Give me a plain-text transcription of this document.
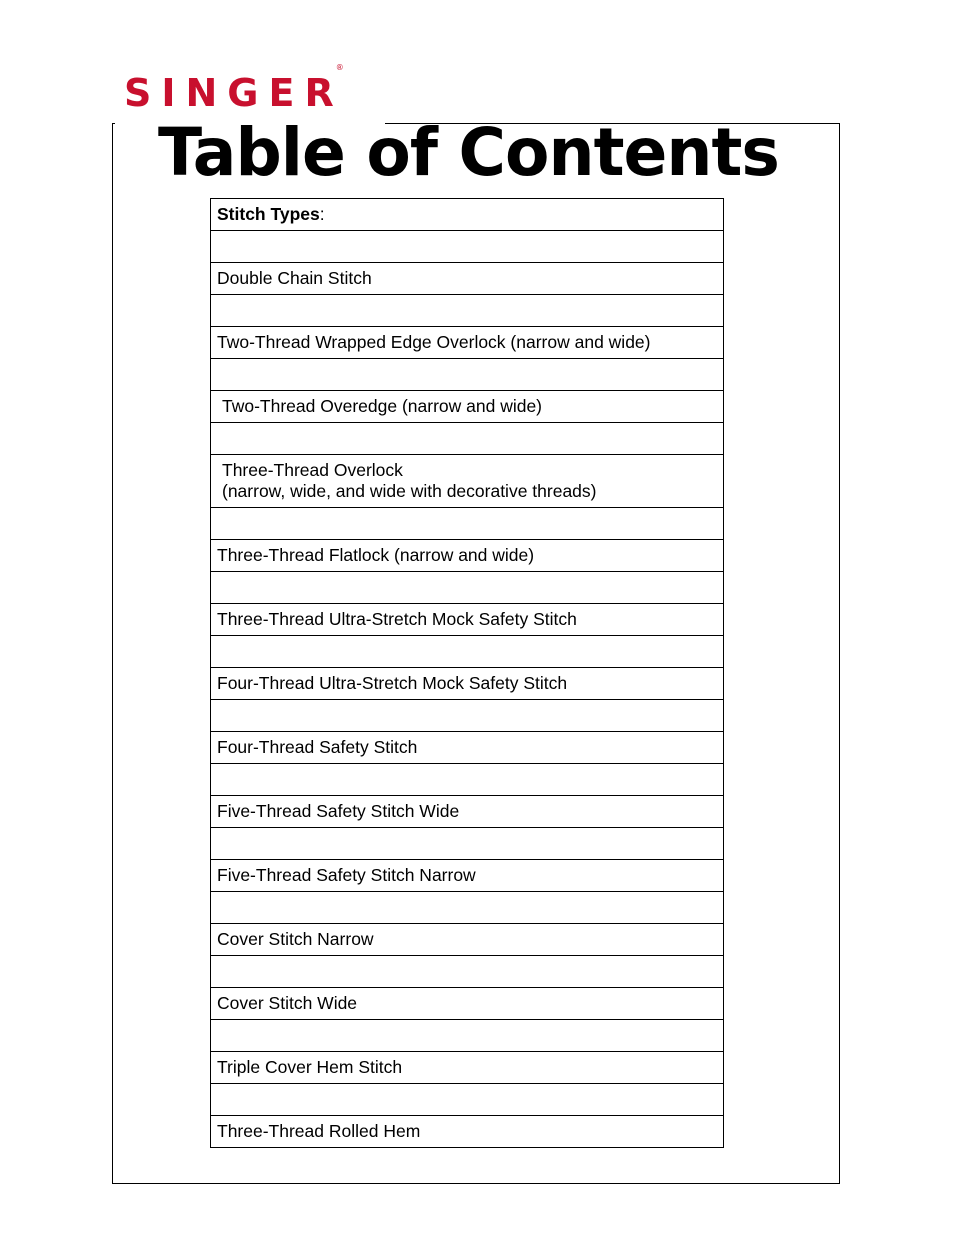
SINGER®
Table of Contents
Stitch Types:

Double Chain Stitch

Two-Thread Wrapped Edge Overlock (narrow and wide)

Two-Thread Overedge (narrow and wide)

Three-Thread Overlock
(narrow, wide, and wide with decorative threads)

Three-Thread Flatlock (narrow and wide)

Three-Thread Ultra-Stretch Mock Safety Stitch

Four-Thread Ultra-Stretch Mock Safety Stitch

Four-Thread Safety Stitch

Five-Thread Safety Stitch Wide

Five-Thread Safety Stitch Narrow

Cover Stitch Narrow

Cover Stitch Wide

Triple Cover Hem Stitch

Three-Thread Rolled Hem
